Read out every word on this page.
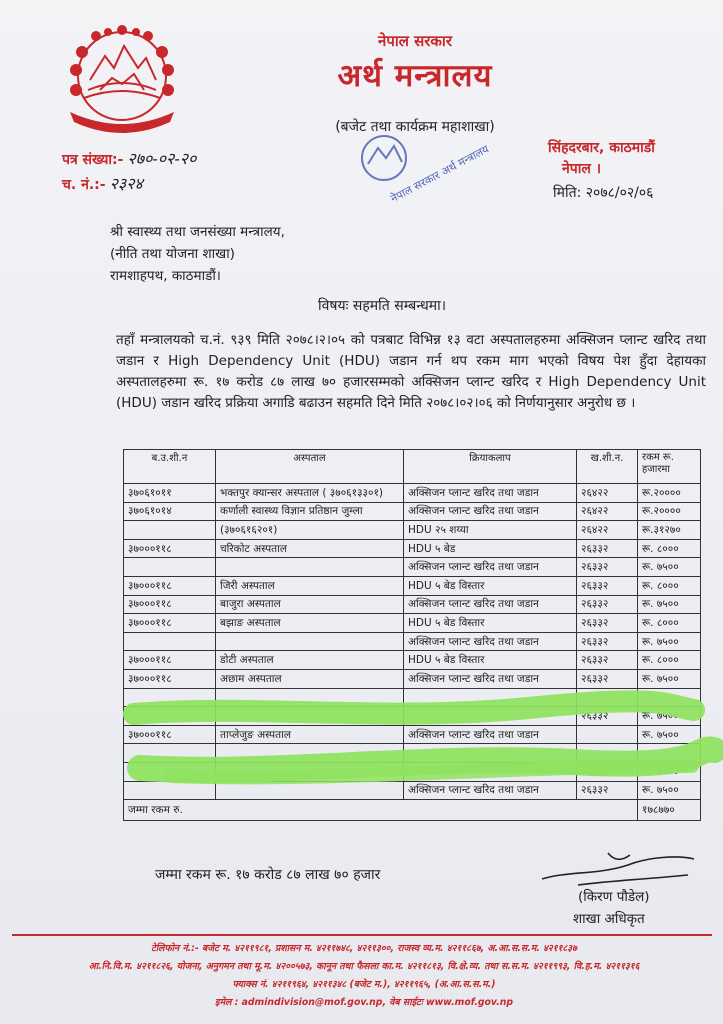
नेपाल सरकार
अर्थ मन्त्रालय
(बजेट तथा कार्यक्रम महाशाखा)
पत्र संख्या:- २७०-०२-२०
च. नं.:- २३२४	नेपाल सरकार अर्थ मन्त्रालय	सिंहदरबार, काठमाडौं
नेपाल ।
मिति: २०७८/०२/०६
श्री स्वास्थ्य तथा जनसंख्या मन्त्रालय,
(नीति तथा योजना शाखा)
रामशाहपथ, काठमाडौं।
विषयः सहमति सम्बन्धमा।
तहाँ मन्त्रालयको च.नं. ९३९ मिति २०७८।२।०५ को पत्रबाट विभिन्न १३ वटा अस्पतालहरुमा अक्सिजन प्लान्ट खरिद तथा जडान र High Dependency Unit (HDU) जडान गर्न थप रकम माग भएको विषय पेश हुँदा देहायका अस्पतालहरुमा रू. १७ करोड ८७ लाख ७० हजारसम्मको अक्सिजन प्लान्ट खरिद र High Dependency Unit (HDU) जडान खरिद प्रक्रिया अगाडि बढाउन सहमति दिने मिति २०७८।०२।०६ को निर्णयानुसार अनुरोध छ ।
ब.उ.शी.न	अस्पताल	क्रियाकलाप	ख.शी.न.	रकम रू. हजारमा
३७०६१०११	भक्तपुर क्यान्सर अस्पताल ( ३७०६१३३०१)	अक्सिजन प्लान्ट खरिद तथा जडान	२६४२२	रू.२००००
३७०६१०१४	कर्णाली स्वास्थ्य विज्ञान प्रतिष्ठान जुम्ला	अक्सिजन प्लान्ट खरिद तथा जडान	२६४२२	रू.२००००
	(३७०६१६२०१)	HDU २५ शय्या	२६४२२	रू.३१२७०
३७०००११८	चरिकोट अस्पताल	HDU ५ बेड	२६३३२	रू. ८०००
		अक्सिजन प्लान्ट खरिद तथा जडान	२६३३२	रू. ७५००
३७०००११८	जिरी अस्पताल	HDU ५ बेड विस्तार	२६३३२	रू. ८०००
३७०००११८	बाजुरा अस्पताल	अक्सिजन प्लान्ट खरिद तथा जडान	२६३३२	रू. ७५००
३७०००११८	बझाङ अस्पताल	HDU ५ बेड विस्तार	२६३३२	रू. ८०००
		अक्सिजन प्लान्ट खरिद तथा जडान	२६३३२	रू. ७५००
३७०००११८	डोटी अस्पताल	HDU ५ बेड विस्तार	२६३३२	रू. ८०००
३७०००११८	अछाम अस्पताल	अक्सिजन प्लान्ट खरिद तथा जडान	२६३३२	रू. ७५००

			२६३३२	रू. ७५००
३७०००११८	ताप्लेजुङ अस्पताल	अक्सिजन प्लान्ट खरिद तथा जडान		रू. ७५००

			२६३३२	रू. ८०००
		अक्सिजन प्लान्ट खरिद तथा जडान	२६३३२	रू. ७५००
जम्मा रकम रु.				१७८७७०
जम्मा रकम रू. १७ करोड ८७ लाख ७० हजार
(किरण पौडेल)
शाखा अधिकृत
टेलिफोन नं.:- बजेट म. ४२११९८१, प्रशासन म. ४२११७४८, ४२११३००, राजस्व व्य.म. ४२११८६७, अ.आ.स.स.म. ४२११८३७
आ.नि.वि.म. ४२११८२६, योजना, अनुगमन तथा मू.म. ४२००५७३, कानून तथा फैसला का.म. ४२११८१३, वि.क्षे.व्य. तथा स.स.म. ४२११९९३, वि.ह.म. ४२११३१६
फ्याक्स नं. ४२११९६४, ४२११३४८ (बजेट म.), ४२११९६५, (अ.आ.स.स.म.)
इमेल : admindivision@mof.gov.np, वेब साईटः www.mof.gov.np
